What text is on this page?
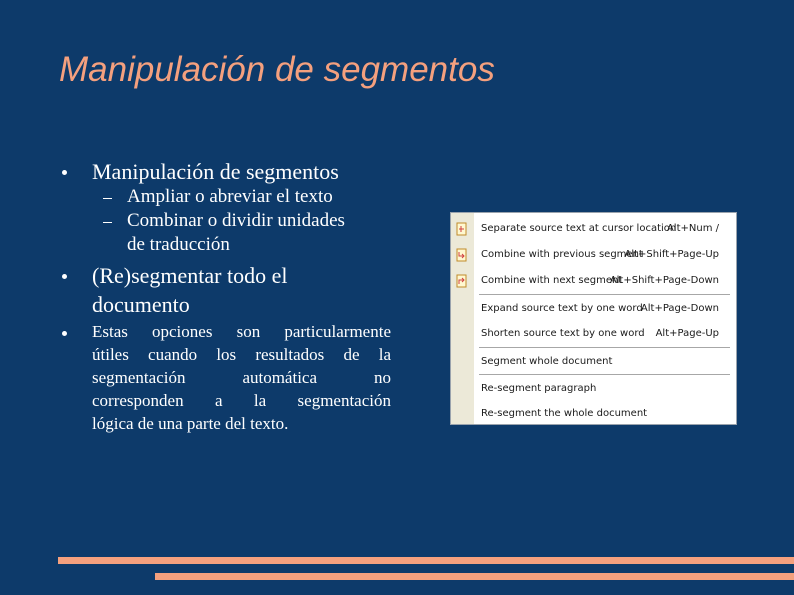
Manipulación de segmentos
Manipulación de segmentos
Ampliar o abreviar el texto
Combinar o dividir unidades
de traducción
(Re)segmentar todo el
documento
Estas opciones son particularmente
útiles cuando los resultados de la
segmentación automática no
corresponden a la segmentación
lógica de una parte del texto.
Separate source text at cursor location
Alt+Num /
Combine with previous segment
Alt+Shift+Page-Up
Combine with next segment
Alt+Shift+Page-Down
Expand source text by one word
Alt+Page-Down
Shorten source text by one word Alt+Page-Up
Segment whole document
Re-segment paragraph
Re-segment the whole document
